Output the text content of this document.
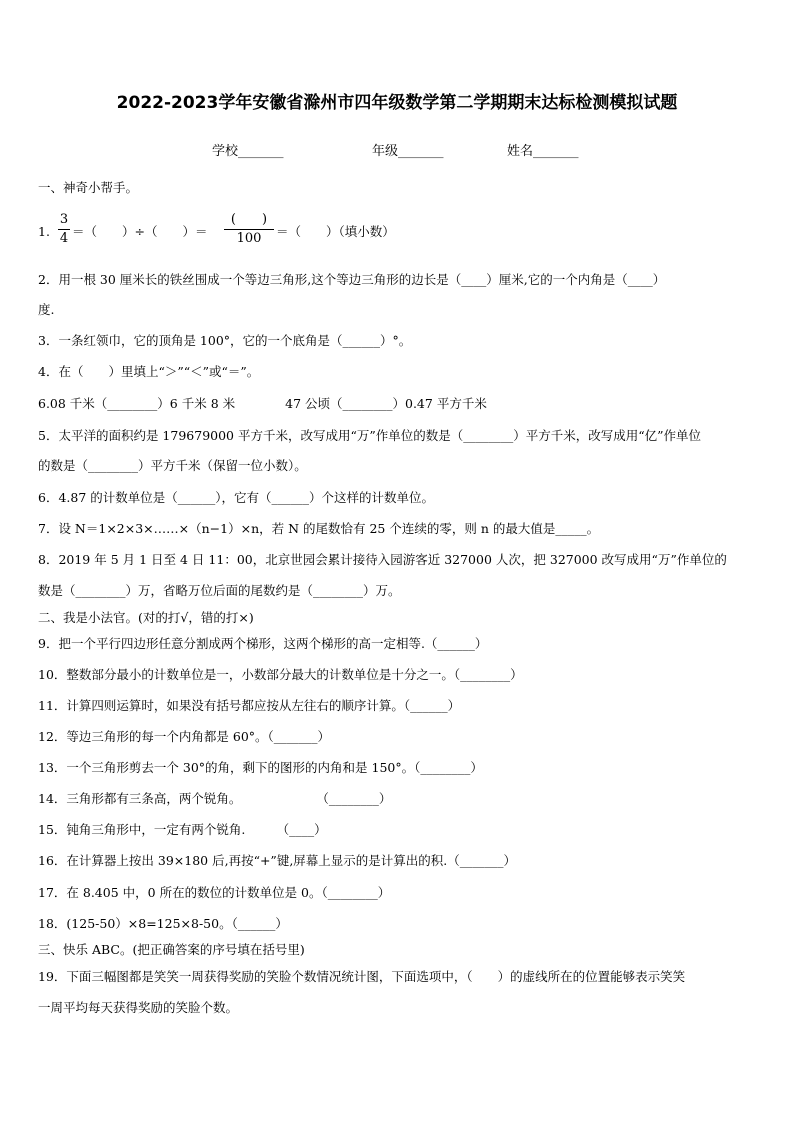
2022-2023学年安徽省滁州市四年级数学第二学期期末达标检测模拟试题
学校_______	年级_______	姓名_______
一、神奇小帮手。
1.
3
4 ＝（　　）÷（　　）＝
(　　)
100	＝（　　）（填小数）
2．用一根 30 厘米长的铁丝围成一个等边三角形,这个等边三角形的边长是（____）厘米,它的一个内角是（____）
度.
3．一条红领巾，它的顶角是 100°，它的一个底角是（______）°。
4．在（　　）里填上“＞”“＜”或“＝”。
6.08 千米（________）6 千米 8 米　　　　47 公顷（________）0.47 平方千米
5．太平洋的面积约是 179679000 平方千米，改写成用“万”作单位的数是（________）平方千米，改写成用“亿”作单位
的数是（________）平方千米（保留一位小数）。
6．4.87 的计数单位是（______），它有（______）个这样的计数单位。
7．设 N＝1×2×3×……×（n−1）×n，若 N 的尾数恰有 25 个连续的零，则 n 的最大值是_____。
8．2019 年 5 月 1 日至 4 日 11：00，北京世园会累计接待入园游客近 327000 人次，把 327000 改写成用“万”作单位的
数是（________）万，省略万位后面的尾数约是（________）万。
二、我是小法官。(对的打√，错的打×)
9．把一个平行四边形任意分割成两个梯形，这两个梯形的高一定相等.（______）
10．整数部分最小的计数单位是一，小数部分最大的计数单位是十分之一。（________）
11．计算四则运算时，如果没有括号都应按从左往右的顺序计算。（______）
12．等边三角形的每一个内角都是 60°。（_______）
13．一个三角形剪去一个 30°的角，剩下的图形的内角和是 150°。（________）
14．三角形都有三条高，两个锐角。　　　　　　　（________）
15．钝角三角形中，一定有两个锐角.　　　（____）
16．在计算器上按出 39×180 后,再按“+”键,屏幕上显示的是计算出的积.（_______）
17．在 8.405 中，0 所在的数位的计数单位是 0。（________）
18．(125-50）×8=125×8-50。（______）
三、快乐 ABC。(把正确答案的序号填在括号里)
19．下面三幅图都是笑笑一周获得奖励的笑脸个数情况统计图，下面选项中，（　　）的虚线所在的位置能够表示笑笑
一周平均每天获得奖励的笑脸个数。
